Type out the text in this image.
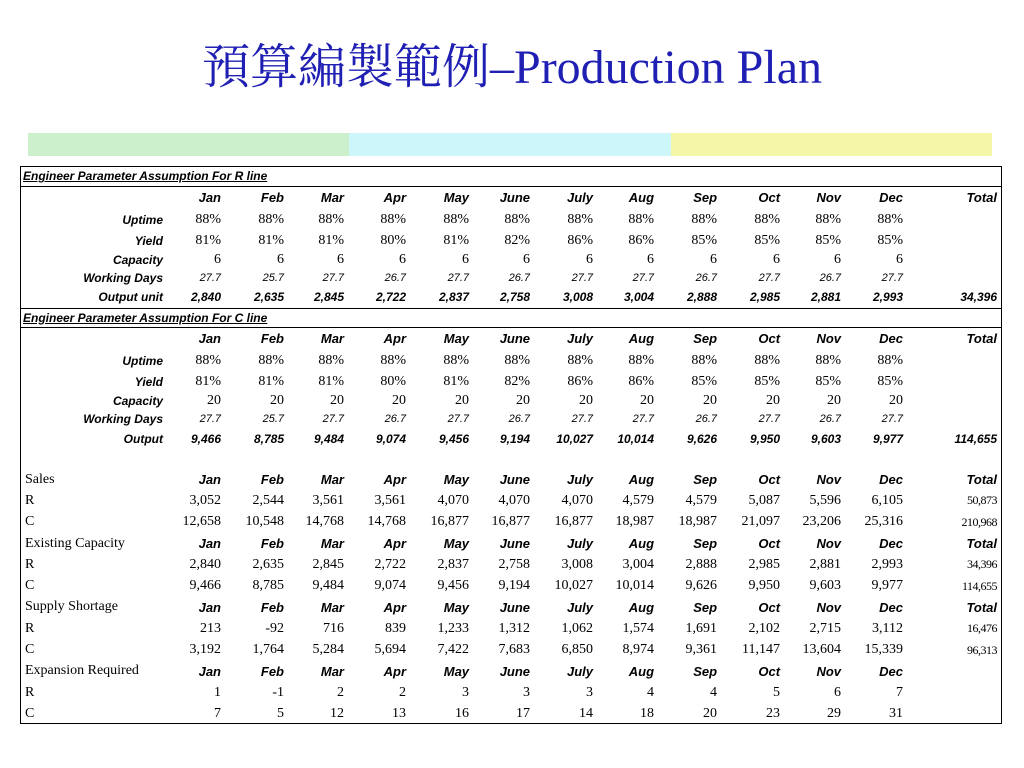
預算編製範例–Production Plan
Engineer Parameter Assumption For R line													
	Jan	Feb	Mar	Apr	May	June	July	Aug	Sep	Oct	Nov	Dec	Total
Uptime	88%	88%	88%	88%	88%	88%	88%	88%	88%	88%	88%	88%	
Yield	81%	81%	81%	80%	81%	82%	86%	86%	85%	85%	85%	85%	
Capacity	6	6	6	6	6	6	6	6	6	6	6	6	
Working Days	27.7	25.7	27.7	26.7	27.7	26.7	27.7	27.7	26.7	27.7	26.7	27.7	
Output unit	2,840	2,635	2,845	2,722	2,837	2,758	3,008	3,004	2,888	2,985	2,881	2,993	34,396
Engineer Parameter Assumption For C line													
	Jan	Feb	Mar	Apr	May	June	July	Aug	Sep	Oct	Nov	Dec	Total
Uptime	88%	88%	88%	88%	88%	88%	88%	88%	88%	88%	88%	88%	
Yield	81%	81%	81%	80%	81%	82%	86%	86%	85%	85%	85%	85%	
Capacity	20	20	20	20	20	20	20	20	20	20	20	20	
Working Days	27.7	25.7	27.7	26.7	27.7	26.7	27.7	27.7	26.7	27.7	26.7	27.7	
Output	9,466	8,785	9,484	9,074	9,456	9,194	10,027	10,014	9,626	9,950	9,603	9,977	114,655

Sales	Jan	Feb	Mar	Apr	May	June	July	Aug	Sep	Oct	Nov	Dec	Total
R	3,052	2,544	3,561	3,561	4,070	4,070	4,070	4,579	4,579	5,087	5,596	6,105	50,873
C	12,658	10,548	14,768	14,768	16,877	16,877	16,877	18,987	18,987	21,097	23,206	25,316	210,968
Existing Capacity	Jan	Feb	Mar	Apr	May	June	July	Aug	Sep	Oct	Nov	Dec	Total
R	2,840	2,635	2,845	2,722	2,837	2,758	3,008	3,004	2,888	2,985	2,881	2,993	34,396
C	9,466	8,785	9,484	9,074	9,456	9,194	10,027	10,014	9,626	9,950	9,603	9,977	114,655
Supply Shortage	Jan	Feb	Mar	Apr	May	June	July	Aug	Sep	Oct	Nov	Dec	Total
R	213	-92	716	839	1,233	1,312	1,062	1,574	1,691	2,102	2,715	3,112	16,476
C	3,192	1,764	5,284	5,694	7,422	7,683	6,850	8,974	9,361	11,147	13,604	15,339	96,313
Expansion Required	Jan	Feb	Mar	Apr	May	June	July	Aug	Sep	Oct	Nov	Dec	
R	1	-1	2	2	3	3	3	4	4	5	6	7	
C	7	5	12	13	16	17	14	18	20	23	29	31	
